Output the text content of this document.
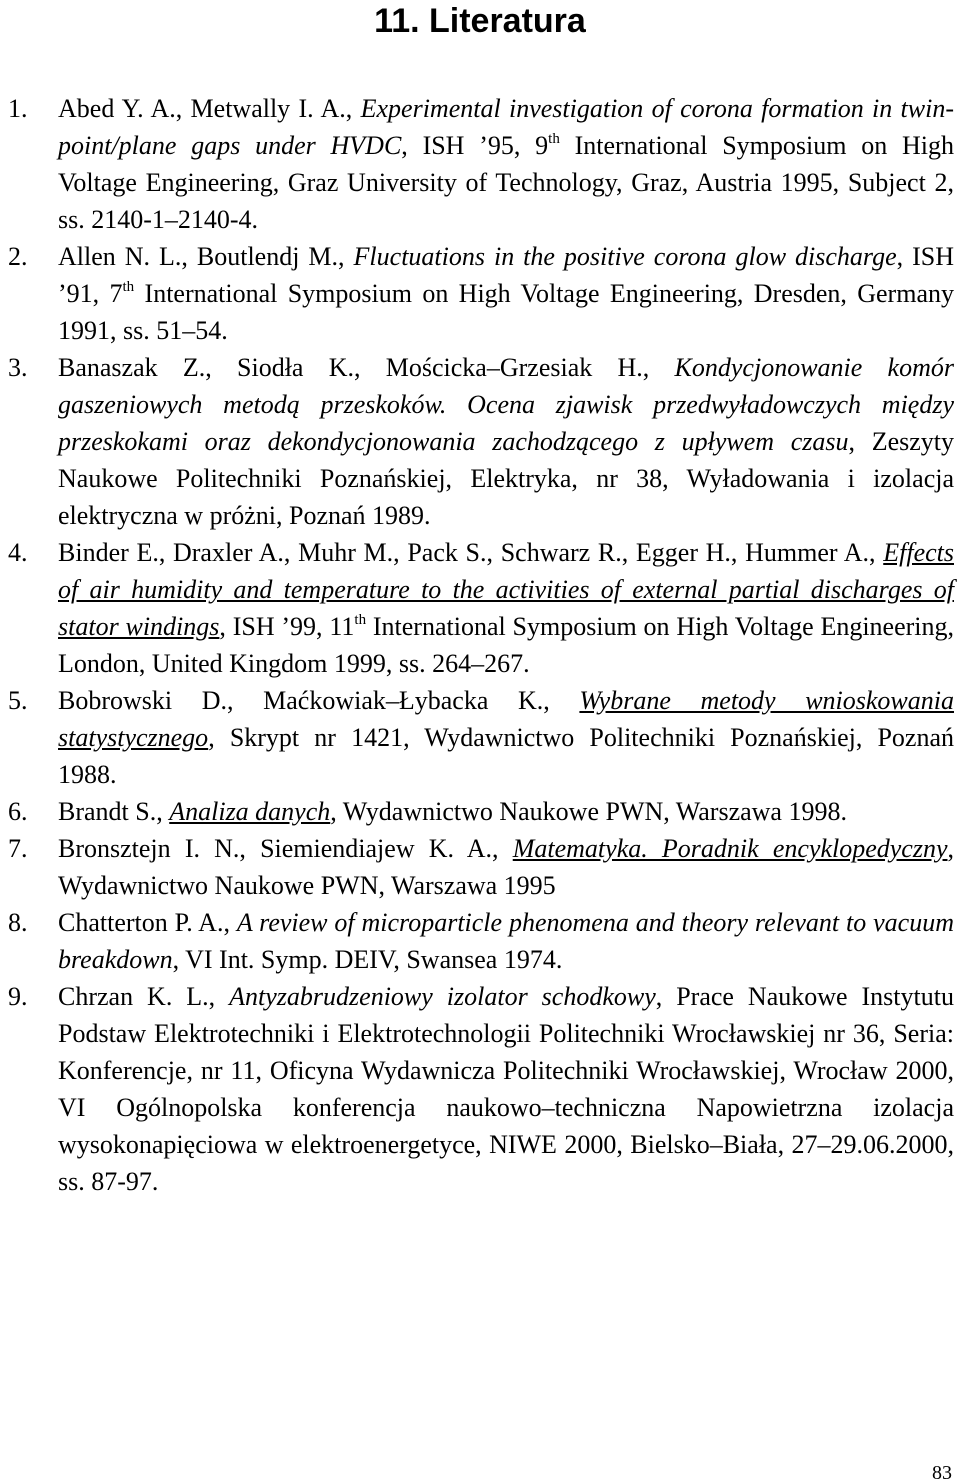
11. Literatura
1. Abed Y. A., Metwally I. A., Experimental investigation of corona formation in twin-point/plane gaps under HVDC, ISH ’95, 9th International Symposium on High Voltage Engineering, Graz University of Technology, Graz, Austria 1995, Subject 2, ss. 2140-1–2140-4.
2. Allen N. L., Boutlendj M., Fluctuations in the positive corona glow discharge, ISH ’91, 7th International Symposium on High Voltage Engineering, Dresden, Germany 1991, ss. 51–54.
3. Banaszak Z., Siodła K., Mościcka–Grzesiak H., Kondycjonowanie komór gaszeniowych metodą przeskoków. Ocena zjawisk przedwyładowczych między przeskokami oraz dekondycjonowania zachodzącego z upływem czasu, Zeszyty Naukowe Politechniki Poznańskiej, Elektryka, nr 38, Wyładowania i izolacja elektryczna w próżni, Poznań 1989.
4. Binder E., Draxler A., Muhr M., Pack S., Schwarz R., Egger H., Hummer A., Effects of air humidity and temperature to the activities of external partial discharges of stator windings, ISH ’99, 11th International Symposium on High Voltage Engineering, London, United Kingdom 1999, ss. 264–267.
5. Bobrowski D., Maćkowiak–Łybacka K., Wybrane metody wnioskowania statystycznego, Skrypt nr 1421, Wydawnictwo Politechniki Poznańskiej, Poznań 1988.
6. Brandt S., Analiza danych, Wydawnictwo Naukowe PWN, Warszawa 1998.
7. Bronsztejn I. N., Siemiendiajew K. A., Matematyka. Poradnik encyklopedyczny, Wydawnictwo Naukowe PWN, Warszawa 1995
8. Chatterton P. A., A review of microparticle phenomena and theory relevant to vacuum breakdown, VI Int. Symp. DEIV, Swansea 1974.
9. Chrzan K. L., Antyzabrudzeniowy izolator schodkowy, Prace Naukowe Instytutu Podstaw Elektrotechniki i Elektrotechnologii Politechniki Wrocławskiej nr 36, Seria: Konferencje, nr 11, Oficyna Wydawnicza Politechniki Wrocławskiej, Wrocław 2000, VI Ogólnopolska konferencja naukowo–techniczna Napowietrzna izolacja wysokonapięciowa w elektroenergetyce, NIWE 2000, Bielsko–Biała, 27–29.06.2000, ss. 87-97.
83
